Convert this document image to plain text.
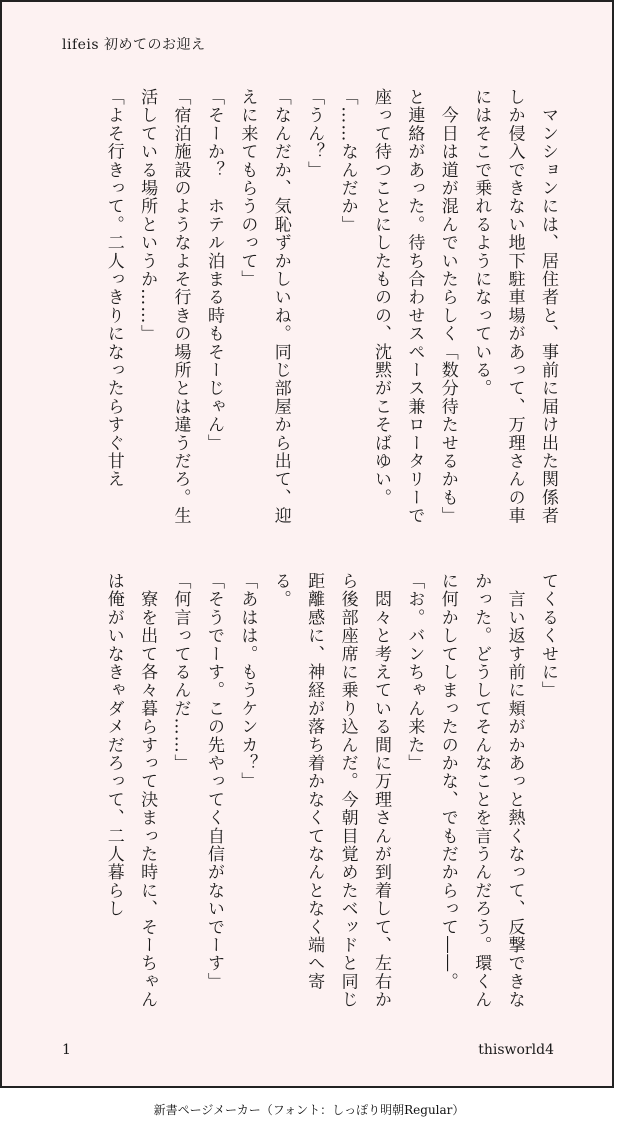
lifeis 初めてのお迎え

　マンションには、居住者と、事前に届け出た関係者しか侵入できない地下駐車場があって、万理さんの車にはそこで乗れるようになっている。

　今日は道が混んでいたらしく「数分待たせるかも」と連絡があった。待ち合わせスペース兼ロータリーで座って待つことにしたものの、沈黙がこそばゆい。

「……なんだか」

「うん？」

「なんだか、気恥ずかしいね。同じ部屋から出て、迎えに来てもらうのって」

「そーか？　ホテル泊まる時もそーじゃん」

「宿泊施設のようなよそ行きの場所とは違うだろ。生活している場所というか……」

「よそ行きって。二人っきりになったらすぐ甘え

てくるくせに」

　言い返す前に頬がかあっと熱くなって、反撃できなかった。どうしてそんなことを言うんだろう。環くんに何かしてしまったのかな、でもだからって――。

「お。バンちゃん来た」

　悶々と考えている間に万理さんが到着して、左右から後部座席に乗り込んだ。今朝目覚めたベッドと同じ距離感に、神経が落ち着かなくてなんとなく端へ寄る。

「あはは。もうケンカ？」

「そうでーす。この先やってく自信がないでーす」

「何言ってるんだ……」

　寮を出て各々暮らすって決まった時に、そーちゃんは俺がいなきゃダメだろって、二人暮らし

1	thisworld4
新書ページメーカー（フォント：しっぽり明朝Regular）
